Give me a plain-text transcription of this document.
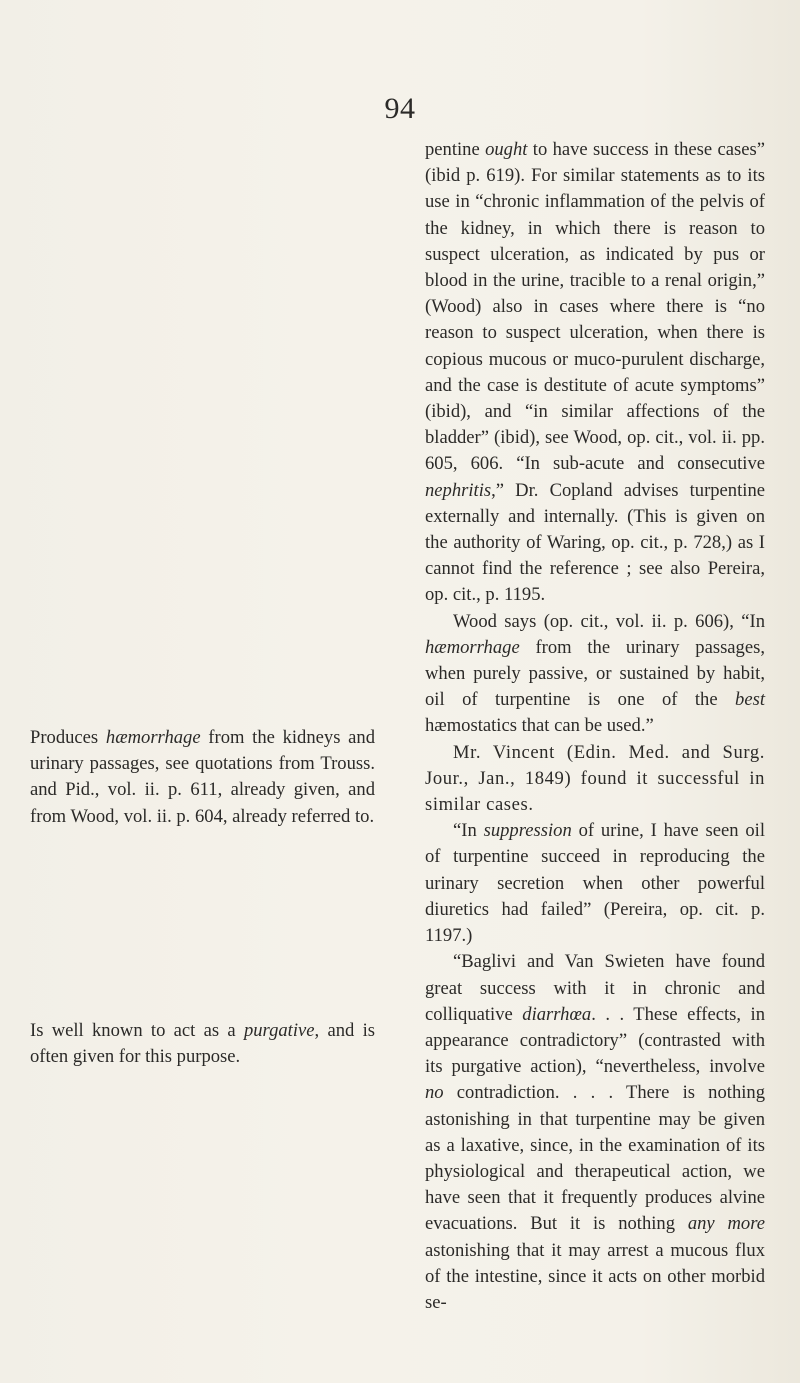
94

pentine ought to have success in these cases” (ibid p. 619). For similar statements as to its use in “chronic inflammation of the pelvis of the kidney, in which there is reason to suspect ulceration, as indicated by pus or blood in the urine, tracible to a renal origin,” (Wood) also in cases where there is “no reason to suspect ulceration, when there is copious mucous or muco-purulent discharge, and the case is destitute of acute symptoms” (ibid), and “in similar affections of the bladder” (ibid), see Wood, op. cit., vol. ii. pp. 605, 606. “In sub-acute and consecutive nephritis,” Dr. Copland advises turpentine externally and internally. (This is given on the authority of Waring, op. cit., p. 728,) as I cannot find the reference ; see also Pereira, op. cit., p. 1195.

Wood says (op. cit., vol. ii. p. 606), “In hæmorrhage from the urinary passages, when purely passive, or sustained by habit, oil of turpentine is one of the best hæmostatics that can be used.”

Mr. Vincent (Edin. Med. and Surg. Jour., Jan., 1849) found it successful in similar cases.

“In suppression of urine, I have seen oil of turpentine succeed in reproducing the urinary secretion when other powerful diuretics had failed” (Pereira, op. cit. p. 1197.)

“Baglivi and Van Swieten have found great success with it in chronic and colliquative diarrhœa. . . These effects, in appearance contradictory” (contrasted with its purgative action), “nevertheless, involve no contradiction. . . . There is nothing astonishing in that turpentine may be given as a laxative, since, in the examination of its physiological and therapeutical action, we have seen that it frequently produces alvine evacuations. But it is nothing any more astonishing that it may arrest a mucous flux of the intestine, since it acts on other morbid se-

Produces hæmorrhage from the kidneys and urinary passages, see quotations from Trouss. and Pid., vol. ii. p. 611, already given, and from Wood, vol. ii. p. 604, already referred to.
Is well known to act as a purgative, and is often given for this purpose.
